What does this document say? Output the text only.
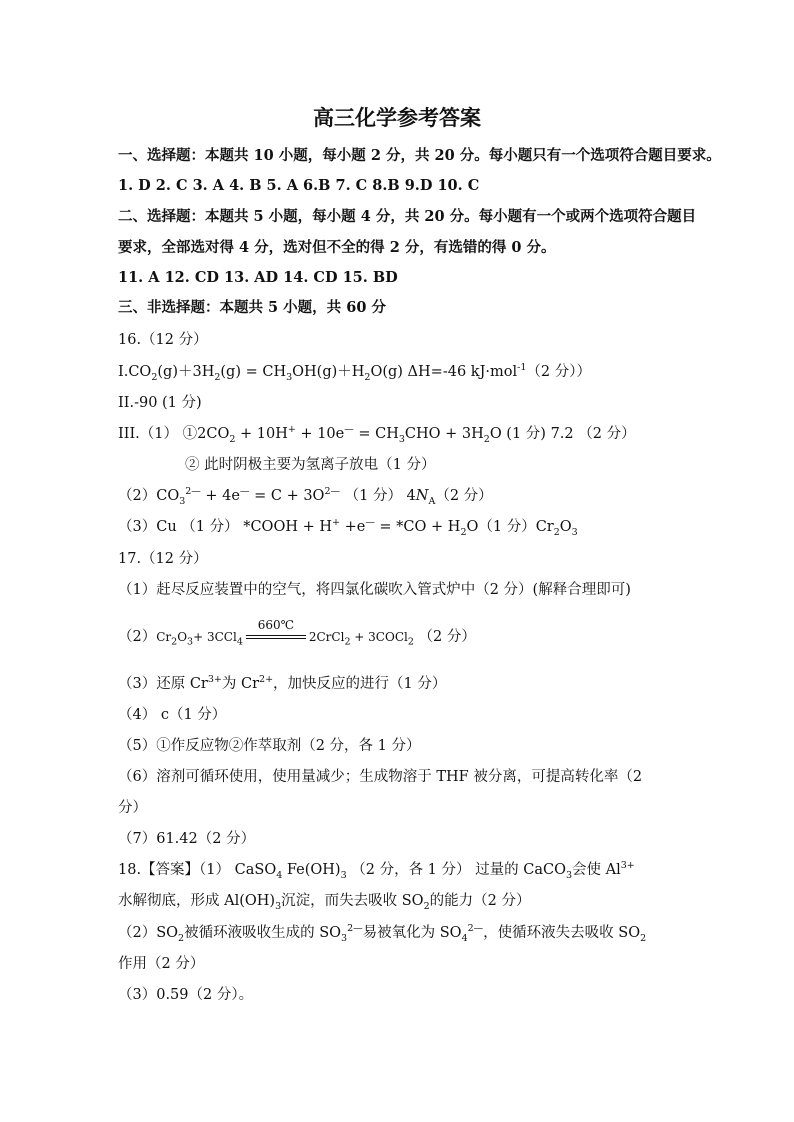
高三化学参考答案
一、选择题：本题共 10 小题，每小题 2 分，共 20 分。每小题只有一个选项符合题目要求。
1. D 2. C 3. A 4. B 5. A 6.B 7. C 8.B 9.D 10. C
二、选择题：本题共 5 小题，每小题 4 分，共 20 分。每小题有一个或两个选项符合题目
要求，全部选对得 4 分，选对但不全的得 2 分，有选错的得 0 分。
11. A 12. CD 13. AD 14. CD 15. BD
三、非选择题：本题共 5 小题，共 60 分
16.（12 分）
$I.CO_2(g)+3H_2(g) = CH_3OH(g)+H_2O(g)$ ΔH=-46 kJ·mol$^{-1}$（2 分））
II.-90 (1 分)
III.（1） $①2CO_2 + 10H^+ + 10e^— = CH_3CHO + 3H_2O$ (1 分) 7.2 （2 分）
② 此时阴极主要为氢离子放电（1 分）
$(2)CO_3^{2—} + 4e^— = C + 3O^{2—}$ （1 分） $4N_A(2$ 分）
（3）Cu （1 分） *COOH + $H^+ +e^— = *CO + H_2O(1$ 分）$Cr_2O_3$
17.（12 分）
（1）赶尽反应装置中的空气，将四氯化碳吹入管式炉中（2 分）(解释合理即可)
$(2)Cr_2O_3+ 3CCl_4$
660℃
2CrCl$_2$ + 3COCl$_2$ （2 分）
（3）还原 $Cr^{3+}$为 $Cr^{2+}$，加快反应的进行（1 分）
（4） c（1 分）
（5）①作反应物②作萃取剂（2 分，各 1 分）
（6）溶剂可循环使用，使用量减少；生成物溶于 THF 被分离，可提高转化率（2
分）
（7）61.42（2 分）
18.【答案】（1） CaSO$_4$ $Fe(OH)_3$ （2 分，各 1 分） 过量的 CaCO$_3$会使 $Al^{3+}$
水解彻底，形成 $Al(OH)_3$沉淀，而失去吸收 $SO_2$的能力（2 分）
$(2)SO_2$被循环液吸收生成的 $SO_3^{2—}$易被氧化为 $SO_4^{2—}$，使循环液失去吸收 $SO_2$
作用（2 分）
（3）0.59（2 分）。
